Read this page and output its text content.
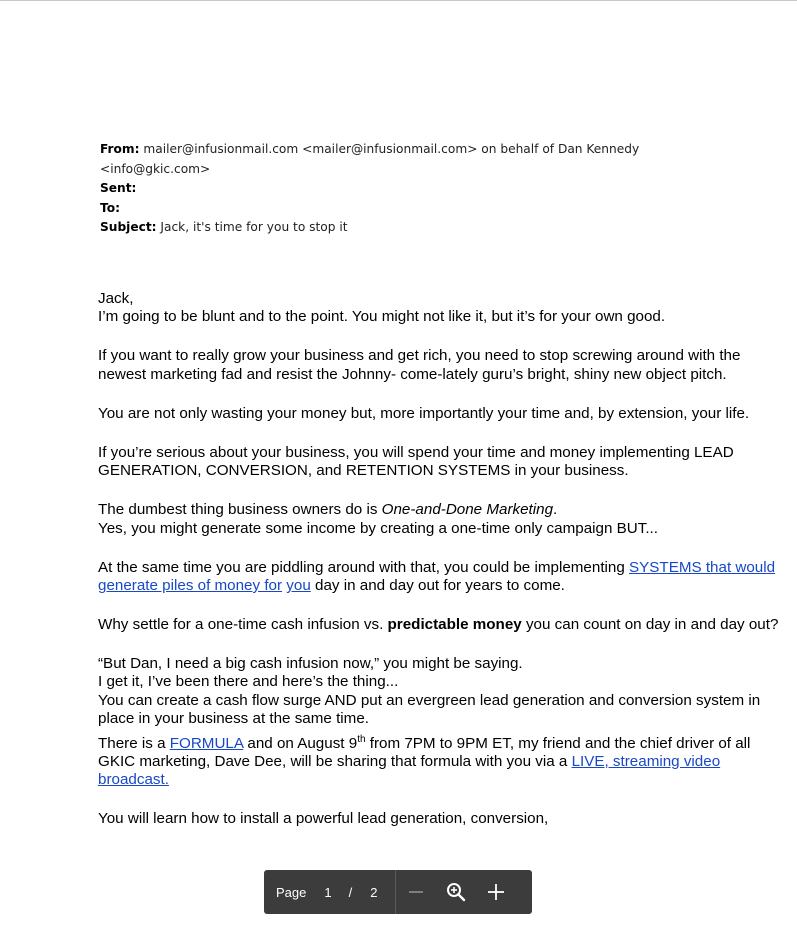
From: mailer@infusionmail.com <mailer@infusionmail.com> on behalf of Dan Kennedy
<info@gkic.com>
Sent:
To:
Subject: Jack, it's time for you to stop it

Jack,

I’m going to be blunt and to the point. You might not like it, but it’s for your own good.

If you want to really grow your business and get rich, you need to stop screwing around with the newest marketing fad and resist the Johnny- come-lately guru’s bright, shiny new object pitch.

You are not only wasting your money but, more importantly your time and, by extension, your life.

If you’re serious about your business, you will spend your time and money implementing LEAD GENERATION, CONVERSION, and RETENTION SYSTEMS in your business.

The dumbest thing business owners do is One-and-Done Marketing.

Yes, you might generate some income by creating a one-time only campaign BUT...

At the same time you are piddling around with that, you could be implementing SYSTEMS that would generate piles of money for you day in and day out for years to come.

Why settle for a one-time cash infusion vs. predictable money you can count on day in and day out?

“But Dan, I need a big cash infusion now,” you might be saying.

I get it, I’ve been there and here’s the thing...

You can create a cash flow surge AND put an evergreen lead generation and conversion system in place in your business at the same time.

There is a FORMULA and on August 9th from 7PM to 9PM ET, my friend and the chief driver of all GKIC marketing, Dave Dee, will be sharing that formula with you via a LIVE, streaming video broadcast.

You will learn how to install a powerful lead generation, conversion,

Page 1 / 2
